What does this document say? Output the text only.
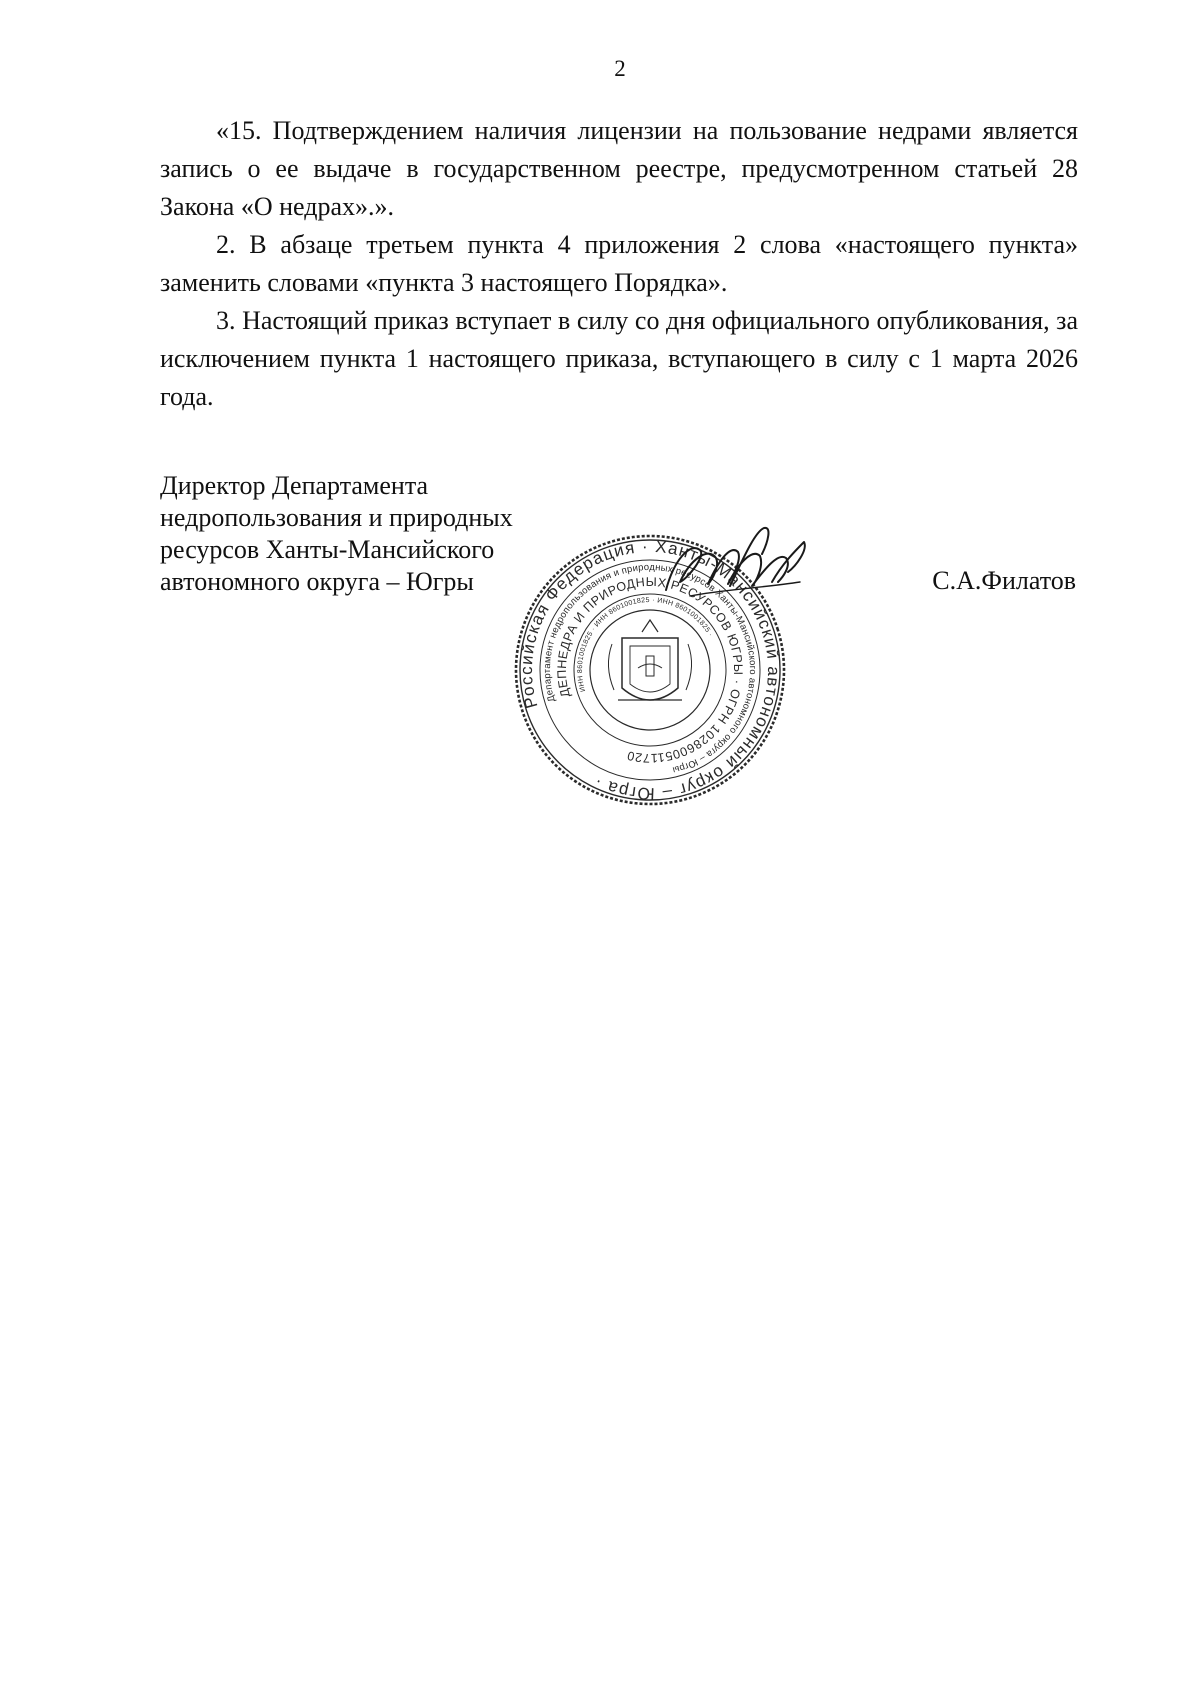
2

«15. Подтверждением наличия лицензии на пользование недрами является запись о ее выдаче в государственном реестре, предусмотренном статьей 28 Закона «О недрах».».

2. В абзаце третьем пункта 4 приложения 2 слова «настоящего пункта» заменить словами «пункта 3 настоящего Порядка».

3. Настоящий приказ вступает в силу со дня официального опубликования, за исключением пункта 1 настоящего приказа, вступающего в силу с 1 марта 2026 года.

Директор Департамента
недропользования и природных
ресурсов Ханты-Мансийского
автономного округа – Югры	С.А.Филатов
Российская Федерация · Ханты-Мансийский автономный округ – Югра ·
Департамент недропользования и природных ресурсов Ханты-Мансийского автономного округа – Югры
ДЕПНЕДРА И ПРИРОДНЫХ РЕСУРСОВ ЮГРЫ · ОГРН 1028600511720
ИНН 8601001825 · ИНН 8601001825 · ИНН 8601001825 ·
